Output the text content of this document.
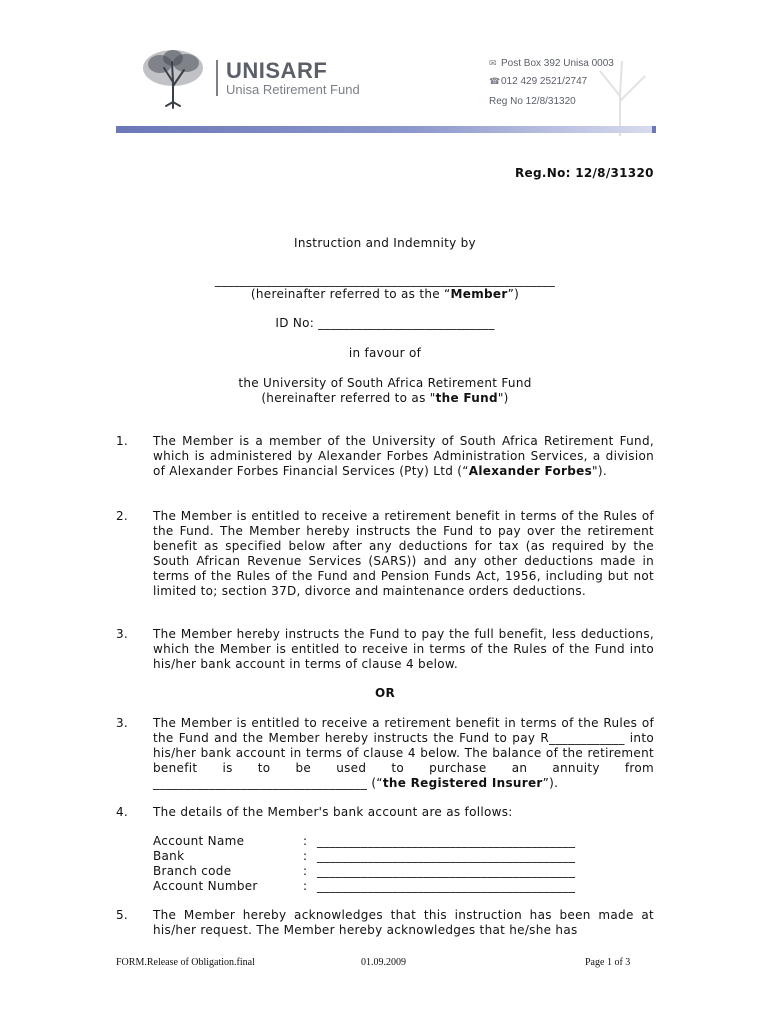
UNISARF
Unisa Retirement Fund
✉ Post Box 392 Unisa 0003
☎012 429 2521/2747
Reg No 12/8/31320
Reg.No: 12/8/31320
Instruction and Indemnity by
______________________________________________________
(hereinafter referred to as the “Member”)
ID No: ____________________________
in favour of
the University of South Africa Retirement Fund
(hereinafter referred to as "the Fund")
1. The Member is a member of the University of South Africa Retirement Fund, which is administered by Alexander Forbes Administration Services, a division of Alexander Forbes Financial Services (Pty) Ltd (“Alexander Forbes").
2. The Member is entitled to receive a retirement benefit in terms of the Rules of the Fund. The Member hereby instructs the Fund to pay over the retirement benefit as specified below after any deductions for tax (as required by the South African Revenue Services (SARS)) and any other deductions made in terms of the Rules of the Fund and Pension Funds Act, 1956, including but not limited to; section 37D, divorce and maintenance orders deductions.
3. The Member hereby instructs the Fund to pay the full benefit, less deductions, which the Member is entitled to receive in terms of the Rules of the Fund into his/her bank account in terms of clause 4 below.
OR
3. The Member is entitled to receive a retirement benefit in terms of the Rules of the Fund and the Member hereby instructs the Fund to pay R____________ into his/her bank account in terms of clause 4 below. The balance of the retirement benefit is to be used to purchase an annuity from __________________________________ (“the Registered Insurer”).
4. The details of the Member's bank account are as follows:
Account Name	: _________________________________________
Bank	: _________________________________________
Branch code	: _________________________________________
Account Number	: _________________________________________
5. The Member hereby acknowledges that this instruction has been made at his/her request. The Member hereby acknowledges that he/she has
FORM.Release of Obligation.final	01.09.2009	Page 1 of 3
